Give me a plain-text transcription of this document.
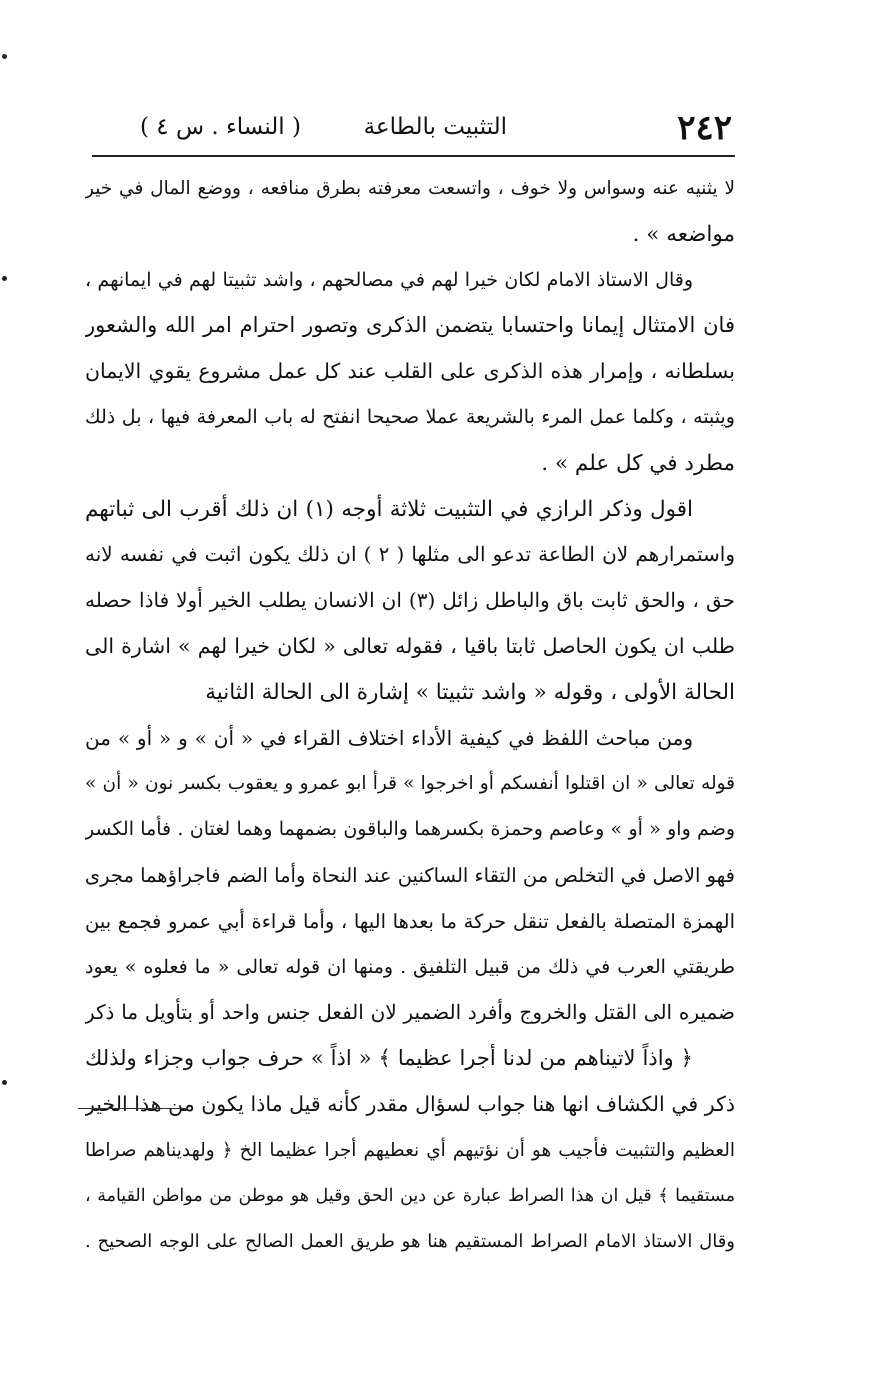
٢٤٢
التثبيت بالطاعة
( النساء . س ٤ )
لا يثنيه عنه وسواس ولا خوف ، واتسعت معرفته بطرق منافعه ، ووضع المال في خير
مواضعه » .
وقال الاستاذ الامام لكان خيرا لهم في مصالحهم ، واشد تثبيتا لهم في ايمانهم ،
فان الامتثال إيمانا واحتسابا يتضمن الذكرى وتصور احترام امر الله والشعور
بسلطانه ، وإمرار هذه الذكرى على القلب عند كل عمل مشروع يقوي الايمان
ويثبته ، وكلما عمل المرء بالشريعة عملا صحيحا انفتح له باب المعرفة فيها ، بل ذلك
مطرد في كل علم » .
اقول وذكر الرازي في التثبيت ثلاثة أوجه (١) ان ذلك أقرب الى ثباتهم
واستمرارهم لان الطاعة تدعو الى مثلها ( ٢ ) ان ذلك يكون اثبت في نفسه لانه
حق ، والحق ثابت باق والباطل زائل (٣) ان الانسان يطلب الخير أولا فاذا حصله
طلب ان يكون الحاصل ثابتا باقيا ، فقوله تعالى « لكان خيرا لهم » اشارة الى
الحالة الأولى ، وقوله « واشد تثبيتا » إشارة الى الحالة الثانية
ومن مباحث اللفظ في كيفية الأداء اختلاف القراء في « أن » و « أو » من
قوله تعالى « ان اقتلوا أنفسكم أو اخرجوا » قرأ ابو عمرو و يعقوب بكسر نون « أن »
وضم واو « أو » وعاصم وحمزة بكسرهما والباقون بضمهما وهما لغتان . فأما الكسر
فهو الاصل في التخلص من التقاء الساكنين عند النحاة وأما الضم فاجراؤهما مجرى
الهمزة المتصلة بالفعل تنقل حركة ما بعدها اليها ، وأما قراءة أبي عمرو فجمع بين
طريقتي العرب في ذلك من قبيل التلفيق . ومنها ان قوله تعالى « ما فعلوه » يعود
ضميره الى القتل والخروج وأفرد الضمير لان الفعل جنس واحد أو بتأويل ما ذكر
﴿ واذاً لاتيناهم من لدنا أجرا عظيما ﴾ « اذاً » حرف جواب وجزاء ولذلك
ذكر في الكشاف انها هنا جواب لسؤال مقدر كأنه قيل ماذا يكون من هذا الخير
العظيم والتثبيت فأجيب هو أن نؤتيهم أي نعطيهم أجرا عظيما الخ ﴿ ولهديناهم صراطا
مستقيما ﴾ قيل ان هذا الصراط عبارة عن دين الحق وقيل هو موطن من مواطن القيامة ،
وقال الاستاذ الامام الصراط المستقيم هنا هو طريق العمل الصالح على الوجه الصحيح .
